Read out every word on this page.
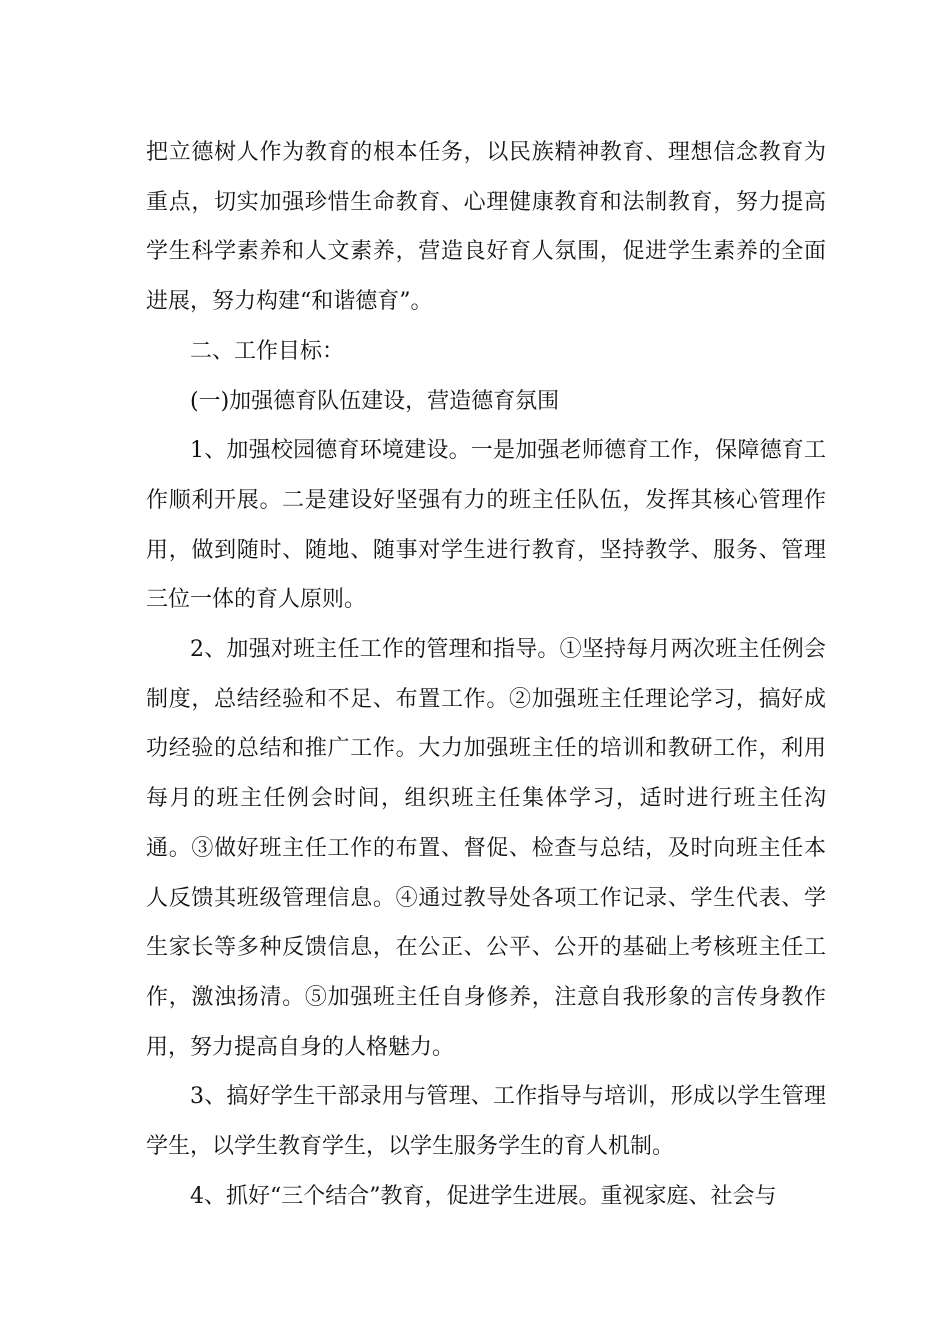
把立德树人作为教育的根本任务，以民族精神教育、理想信念教育为重点，切实加强珍惜生命教育、心理健康教育和法制教育，努力提高学生科学素养和人文素养，营造良好育人氛围，促进学生素养的全面进展，努力构建“和谐德育”。

二、工作目标：

(一)加强德育队伍建设，营造德育氛围

1、加强校园德育环境建设。一是加强老师德育工作，保障德育工作顺利开展。二是建设好坚强有力的班主任队伍，发挥其核心管理作用，做到随时、随地、随事对学生进行教育，坚持教学、服务、管理三位一体的育人原则。

2、加强对班主任工作的管理和指导。①坚持每月两次班主任例会制度，总结经验和不足、布置工作。②加强班主任理论学习，搞好成功经验的总结和推广工作。大力加强班主任的培训和教研工作，利用每月的班主任例会时间，组织班主任集体学习，适时进行班主任沟通。③做好班主任工作的布置、督促、检查与总结，及时向班主任本人反馈其班级管理信息。④通过教导处各项工作记录、学生代表、学生家长等多种反馈信息，在公正、公平、公开的基础上考核班主任工作，激浊扬清。⑤加强班主任自身修养，注意自我形象的言传身教作用，努力提高自身的人格魅力。

3、搞好学生干部录用与管理、工作指导与培训，形成以学生管理学生，以学生教育学生，以学生服务学生的育人机制。

4、抓好“三个结合”教育，促进学生进展。重视家庭、社会与
